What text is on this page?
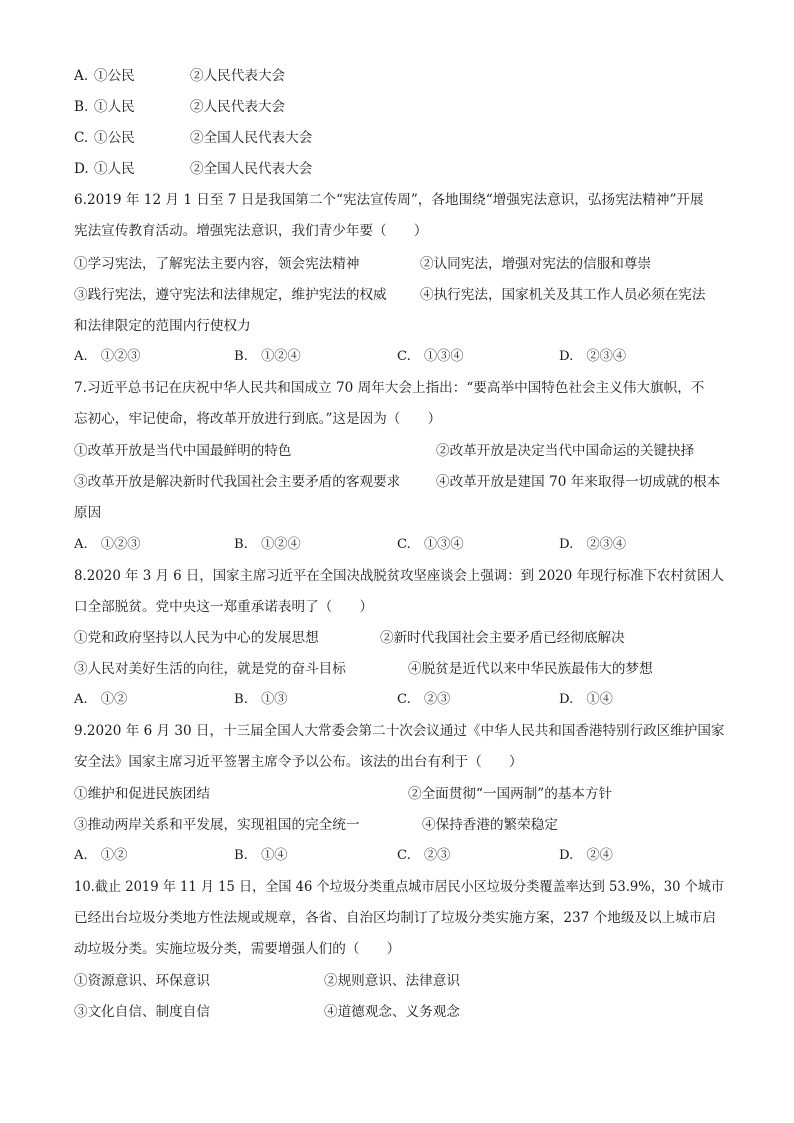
A. ①公民	②人民代表大会
B. ①人民	②人民代表大会
C. ①公民	②全国人民代表大会
D. ①人民	②全国人民代表大会
6.2019 年 12 月 1 日至 7 日是我国第二个“宪法宣传周”，各地围绕“增强宪法意识，弘扬宪法精神”开展
宪法宣传教育活动。增强宪法意识，我们青少年要（　　）
①学习宪法，了解宪法主要内容，领会宪法精神	②认同宪法，增强对宪法的信服和尊崇
③践行宪法，遵守宪法和法律规定，维护宪法的权威 ④执行宪法，国家机关及其工作人员必须在宪法
和法律限定的范围内行使权力
A.　①②③	B.　①②④	C.　①③④	D.　②③④
7.习近平总书记在庆祝中华人民共和国成立 70 周年大会上指出：“要高举中国特色社会主义伟大旗帜，不
忘初心，牢记使命，将改革开放进行到底。”这是因为（　　）
①改革开放是当代中国最鲜明的特色	②改革开放是决定当代中国命运的关键抉择
③改革开放是解决新时代我国社会主要矛盾的客观要求	④改革开放是建国 70 年来取得一切成就的根本
原因
A.　①②③	B.　①②④	C.　①③④	D.　②③④
8.2020 年 3 月 6 日，国家主席习近平在全国决战脱贫攻坚座谈会上强调：到 2020 年现行标准下农村贫困人
口全部脱贫。党中央这一郑重承诺表明了（　　）
①党和政府坚持以人民为中心的发展思想	②新时代我国社会主要矛盾已经彻底解决
③人民对美好生活的向往，就是党的奋斗目标	④脱贫是近代以来中华民族最伟大的梦想
A.　①②	B.　①③	C.　②③	D.　①④
9.2020 年 6 月 30 日，十三届全国人大常委会第二十次会议通过《中华人民共和国香港特别行政区维护国家
安全法》国家主席习近平签署主席令予以公布。该法的出台有利于（　　）
①维护和促进民族团结	②全面贯彻“一国两制”的基本方针
③推动两岸关系和平发展，实现祖国的完全统一	④保持香港的繁荣稳定
A.　①②	B.　①④	C.　②③	D.　②④
10.截止 2019 年 11 月 15 日，全国 46 个垃圾分类重点城市居民小区垃圾分类覆盖率达到 53.9%，30 个城市
已经出台垃圾分类地方性法规或规章，各省、自治区均制订了垃圾分类实施方案，237 个地级及以上城市启
动垃圾分类。实施垃圾分类，需要增强人们的（　　）
①资源意识、环保意识	②规则意识、法律意识
③文化自信、制度自信	④道德观念、义务观念
